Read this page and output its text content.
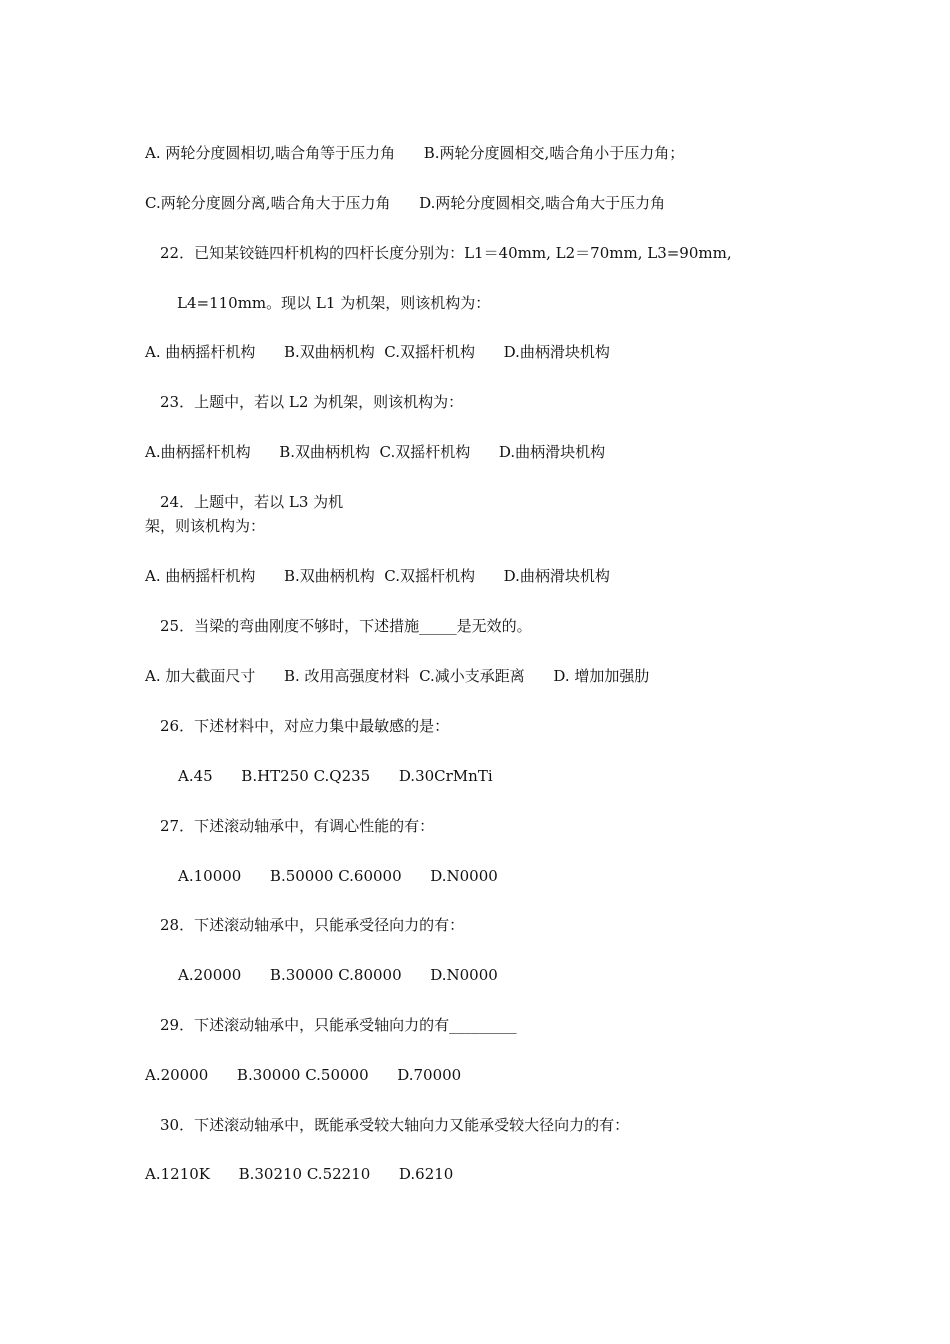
A. 两轮分度圆相切,啮合角等于压力角      B.两轮分度圆相交,啮合角小于压力角；
C.两轮分度圆分离,啮合角大于压力角      D.两轮分度圆相交,啮合角大于压力角
22．已知某铰链四杆机构的四杆长度分别为：L1＝40mm, L2＝70mm, L3=90mm,
L4=110mm。现以 L1 为机架，则该机构为：
A. 曲柄摇杆机构      B.双曲柄机构  C.双摇杆机构      D.曲柄滑块机构
23．上题中，若以 L2 为机架，则该机构为：
A.曲柄摇杆机构      B.双曲柄机构  C.双摇杆机构      D.曲柄滑块机构
24．上题中，若以 L3 为机
架，则该机构为：
A. 曲柄摇杆机构      B.双曲柄机构  C.双摇杆机构      D.曲柄滑块机构
25．当梁的弯曲刚度不够时，下述措施_____是无效的。
A. 加大截面尺寸      B. 改用高强度材料  C.减小支承距离      D. 增加加强肋
26．下述材料中，对应力集中最敏感的是：
A.45      B.HT250 C.Q235      D.30CrMnTi
27．下述滚动轴承中，有调心性能的有：
A.10000      B.50000 C.60000      D.N0000
28．下述滚动轴承中，只能承受径向力的有：
A.20000      B.30000 C.80000      D.N0000
29．下述滚动轴承中，只能承受轴向力的有_________
A.20000      B.30000 C.50000      D.70000
30．下述滚动轴承中，既能承受较大轴向力又能承受较大径向力的有：
A.1210K      B.30210 C.52210      D.6210
